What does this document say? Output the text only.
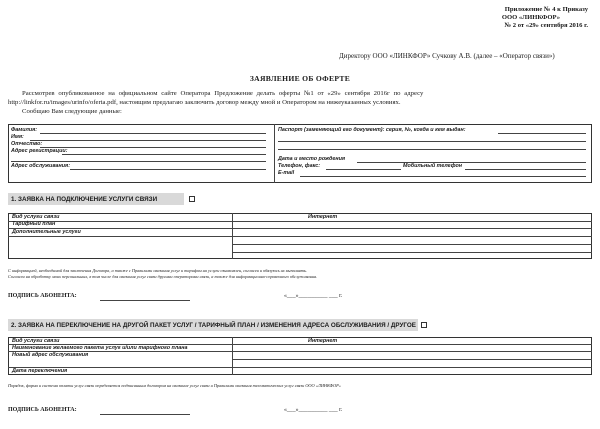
Приложение № 4 к Приказу
ООО «ЛИНКФОР»
№ 2 от «29» сентября 2016 г.
Директору ООО «ЛИНКФОР» Сучкову А.В. (далее – «Оператор связи»)
ЗАЯВЛЕНИЕ ОБ ОФЕРТЕ
Рассмотрев опубликованное на официальном сайте Оператора Предложение делать оферты №1 от «29» сентября 2016г по адресу
http://linkfor.ru/images/urinfo/oferta.pdf, настоящим предлагаю заключить договор между мной и Оператором на нижеуказанных условиях.
Сообщаю Вам следующие данные:
Фамилия:
Имя:
Отчество:
Адрес регистрации:
Адрес обслуживания:
Паспорт (заменяющий его документ): серия, №, когда и кем выдан:
Дата и место рождения
Телефон, факс:	Мобильный телефон
E-mail
1. ЗАЯВКА НА ПОДКЛЮЧЕНИЕ УСЛУГИ СВЯЗИ
Вид услуги связи	Интернет
Тарифный план
Дополнительные услуги
С информацией, необходимой для заключения Договора, а также с Правилами оказания услуг и тарифом на услуги ознакомлен, согласен и обязуюсь их выполнять.
Согласен на обработку моих персональных, в том числе для оказания услуг связи другими операторами связи, а также для информационно-справочного обслуживания.
ПОДПИСЬ АБОНЕНТА:	«___»__________ ___ г.
2. ЗАЯВКА НА ПЕРЕКЛЮЧЕНИЕ НА ДРУГОЙ ПАКЕТ УСЛУГ / ТАРИФНЫЙ ПЛАН / ИЗМЕНЕНИЯ АДРЕСА ОБСЛУЖИВАНИЯ / ДРУГОЕ
Вид услуги связи	Интернет
Наименование желаемого пакета услуг и/или тарифного плана
Новый адрес обслуживания
Дата переключения
Порядок, форма и система оплаты услуг связи определяется подписанным договором на оказание услуг связи и Правилами оказания телематических услуг связи ООО «ЛИНКФОР»
ПОДПИСЬ АБОНЕНТА:	«___»__________ ___ г.
